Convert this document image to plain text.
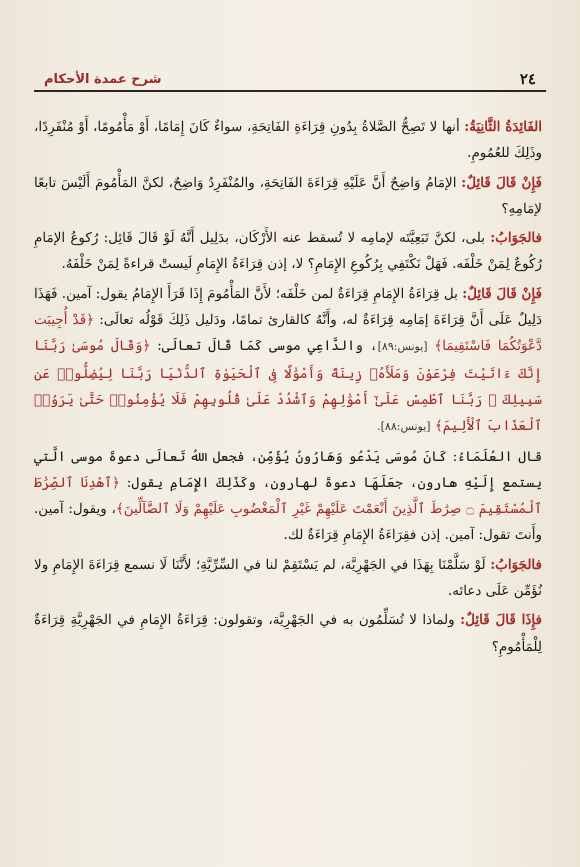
٢٤
شرح عمدة الأحكام

الفَائِدَةُ الثَّانِيَةُ: أنها لا تَصِحُّ الصَّلاةُ بِدُونِ قِرَاءَةِ الفَاتِحَةِ، سواءٌ كَانَ إِمَامًا، أَوْ مَأْمُومًا، أَوْ مُنْفَرِدًا، وذَلِكَ للعُمُومِ.

فَإِنْ قَالَ قَائِلٌ: الإمَامُ وَاضِحٌ أَنَّ عَلَيْهِ قِرَاءَةَ الفَاتِحَةِ، والمُنْفَرِدُ وَاضِحٌ، لكنَّ المَأْمُومَ أَلَيْسَ تابعًا لإمَامِهِ؟

فالجَوَابُ: بلى، لكنَّ تَبَعِيَّتَه لإمامِه لا تُسقط عنه الأَرْكَان، بدَلِيل أَنَّهُ لَوْ قَالَ قَائِل: رُكوعُ الإمَامِ رُكُوعٌ لِمَنْ خَلْفَه. فَهَلْ نَكْتَفِي بِرُكُوعِ الإِمَامِ؟ لا، إذن قِرَاءَةُ الإِمَامِ لَيستْ قراءةً لِمَنْ خَلْفَهُ.

فَإِنْ قَالَ قَائِلٌ: بل قِرَاءَةُ الإِمَامِ قِرَاءَةٌ لمن خَلْفَه؛ لأَنَّ المَأْمُومَ إِذَا قَرَأَ الإِمَامُ يقول: آمين. فَهَذَا دَلِيلٌ عَلَى أَنَّ قِرَاءَةَ إمَامِه قِرَاءَةٌ له، وأَنَّهُ كالقارئ تمامًا، ودَليل ذَلِكَ قَوْلُه تعالَى: ﴿قَدْ أُجِيبَت دَّعْوَتُكُمَا فَاسْتَقِيمَا﴾ [يونس:٨٩]، والدَّاعِي موسى كَمَا قَالَ تعالَى: ﴿وَقَالَ مُوسَىٰ رَبَّنَا إِنَّكَ ءَاتَيْتَ فِرْعَوْنَ وَمَلَأَهُۥ زِينَةً وَأَمْوَٰلًا فِى ٱلْحَيَوٰةِ ٱلدُّنْيَا رَبَّنَا لِيُضِلُّوا۟ عَن سَبِيلِكَ ۖ رَبَّنَا ٱطْمِسْ عَلَىٰٓ أَمْوَٰلِهِمْ وَٱشْدُدْ عَلَىٰ قُلُوبِهِمْ فَلَا يُؤْمِنُوا۟ حَتَّىٰ يَرَوُا۟ ٱلْعَذَابَ ٱلْأَلِيمَ﴾ [يونس:٨٨].

قال العُلَمَاءُ: كَانَ مُوسَى يَدْعُو وَهَارُونُ يُؤَمِّن، فجعل اللهُ تَعالَى دعوةَ موسى الَّتي يستمع إِلَيْهِ هارون، جعَلَهَا دعوةَ لهارون، وكَذَلِكَ الإِمَامِ يقول: ﴿ٱهْدِنَا ٱلصِّرَٰطَ ٱلْمُسْتَقِيمَ ۝ صِرَٰطَ ٱلَّذِينَ أَنْعَمْتَ عَلَيْهِمْ غَيْرِ ٱلْمَغْضُوبِ عَلَيْهِمْ وَلَا ٱلضَّآلِّينَ﴾، ويقول: آمين. وأَنتَ تقول: آمين. إذن فقِرَاءَةُ الإِمَامِ قِرَاءَةٌ لك.

فالجَوَابُ: لَوْ سَلَّمْنَا بِهَذَا في الجَهْرِيَّة، لم يَسْتَقِمْ لنا في السِّرِّيَّةِ؛ لأَنَّنَا لَا نسمع قِرَاءَةَ الإِمَامِ ولا نُؤَمِّن عَلَى دعائه.

فإِذَا قَالَ قَائِلٌ: ولماذا لا تُسَلِّمُون به في الجَهْرِيَّة، وتقولون: قِرَاءَةُ الإِمَامِ في الجَهْرِيَّةِ قِرَاءَةٌ لِلْمَأْمُومِ؟
